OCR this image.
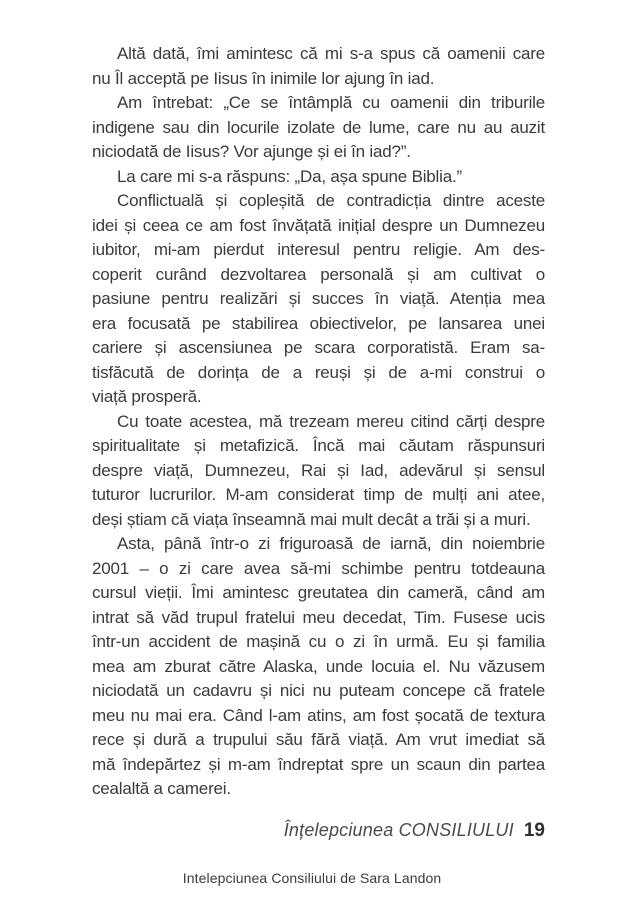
Altă dată, îmi amintesc că mi s-a spus că oamenii care
nu Îl acceptă pe Iisus în inimile lor ajung în iad.
Am întrebat: „Ce se întâmplă cu oamenii din triburile
indigene sau din locurile izolate de lume, care nu au auzit
niciodată de Iisus? Vor ajunge și ei în iad?”.
La care mi s-a răspuns: „Da, așa spune Biblia.”
Conflictuală și copleșită de contradicția dintre aceste
idei și ceea ce am fost învățată inițial despre un Dumnezeu
iubitor, mi-am pierdut interesul pentru religie. Am des-
coperit curând dezvoltarea personală și am cultivat o
pasiune pentru realizări și succes în viață. Atenția mea
era focusată pe stabilirea obiectivelor, pe lansarea unei
cariere și ascensiunea pe scara corporatistă. Eram sa-
tisfăcută de dorința de a reuși și de a-mi construi o
viață prosperă.
Cu toate acestea, mă trezeam mereu citind cărți despre
spiritualitate și metafizică. Încă mai căutam răspunsuri
despre viață, Dumnezeu, Rai și Iad, adevărul și sensul
tuturor lucrurilor. M-am considerat timp de mulți ani atee,
deși știam că viața înseamnă mai mult decât a trăi și a muri.
Asta, până într-o zi friguroasă de iarnă, din noiembrie
2001 – o zi care avea să-mi schimbe pentru totdeauna
cursul vieții. Îmi amintesc greutatea din cameră, când am
intrat să văd trupul fratelui meu decedat, Tim. Fusese ucis
într-un accident de mașină cu o zi în urmă. Eu și familia
mea am zburat către Alaska, unde locuia el. Nu văzusem
niciodată un cadavru și nici nu puteam concepe că fratele
meu nu mai era. Când l-am atins, am fost șocată de textura
rece și dură a trupului său fără viață. Am vrut imediat să
mă îndepărtez și m-am îndreptat spre un scaun din partea
cealaltă a camerei.
Înțelepciunea CONSILIULUI 19
Intelepciunea Consiliului de Sara Landon
